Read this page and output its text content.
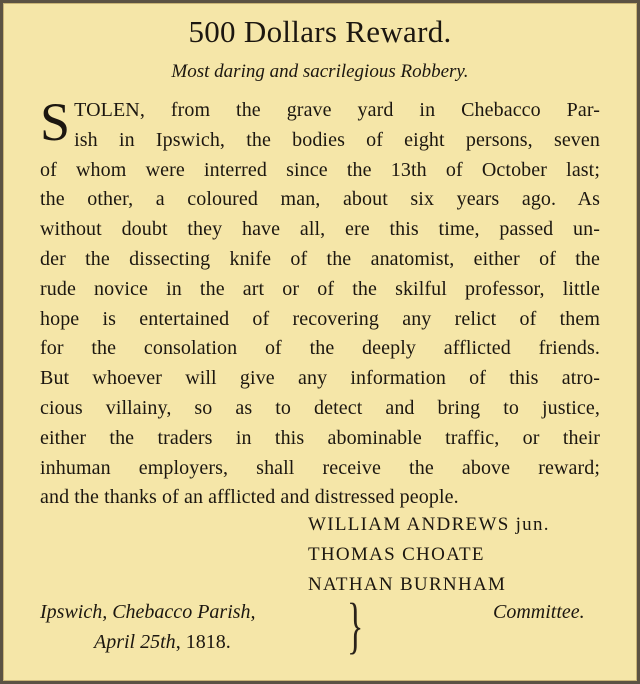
500 Dollars Reward.
Most daring and sacrilegious Robbery.
S TOLEN, from the grave yard in Chebacco Par-
ish in Ipswich, the bodies of eight persons, seven
of whom were interred since the 13th of October last;
the other, a coloured man, about six years ago. As
without doubt they have all, ere this time, passed un-
der the dissecting knife of the anatomist, either of the
rude novice in the art or of the skilful professor, little
hope is entertained of recovering any relict of them
for the consolation of the deeply afflicted friends.
But whoever will give any information of this atro-
cious villainy, so as to detect and bring to justice,
either the traders in this abominable traffic, or their
inhuman employers, shall receive the above reward;
and the thanks of an afflicted and distressed people.
WILLIAM ANDREWS jun.
THOMAS CHOATE
NATHAN BURNHAM
Ipswich, Chebacco Parish,
April 25th, 1818. }	Committee.
